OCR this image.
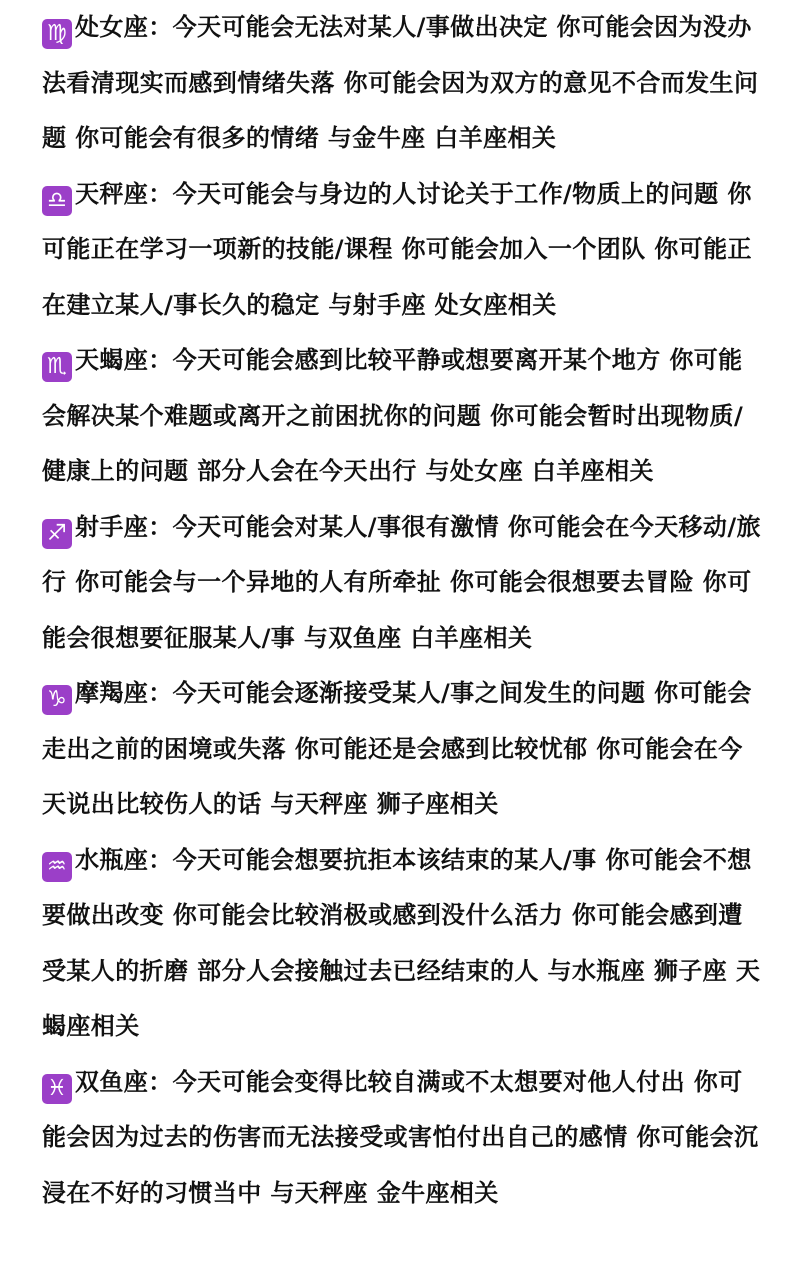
♍ 处女座：今天可能会无法对某人/事做出决定 你可能会因为没办法看清现实而感到情绪失落 你可能会因为双方的意见不合而发生问题 你可能会有很多的情绪 与金牛座 白羊座相关
♎ 天秤座：今天可能会与身边的人讨论关于工作/物质上的问题 你可能正在学习一项新的技能/课程 你可能会加入一个团队 你可能正在建立某人/事长久的稳定 与射手座 处女座相关
♏ 天蝎座：今天可能会感到比较平静或想要离开某个地方 你可能会解决某个难题或离开之前困扰你的问题 你可能会暂时出现物质/健康上的问题 部分人会在今天出行 与处女座 白羊座相关
♐ 射手座：今天可能会对某人/事很有激情 你可能会在今天移动/旅行 你可能会与一个异地的人有所牵扯 你可能会很想要去冒险 你可能会很想要征服某人/事 与双鱼座 白羊座相关
♑ 摩羯座：今天可能会逐渐接受某人/事之间发生的问题 你可能会走出之前的困境或失落 你可能还是会感到比较忧郁 你可能会在今天说出比较伤人的话 与天秤座 狮子座相关
♒ 水瓶座：今天可能会想要抗拒本该结束的某人/事 你可能会不想要做出改变 你可能会比较消极或感到没什么活力 你可能会感到遭受某人的折磨 部分人会接触过去已经结束的人 与水瓶座 狮子座 天蝎座相关
♓ 双鱼座：今天可能会变得比较自满或不太想要对他人付出 你可能会因为过去的伤害而无法接受或害怕付出自己的感情 你可能会沉浸在不好的习惯当中 与天秤座 金牛座相关
